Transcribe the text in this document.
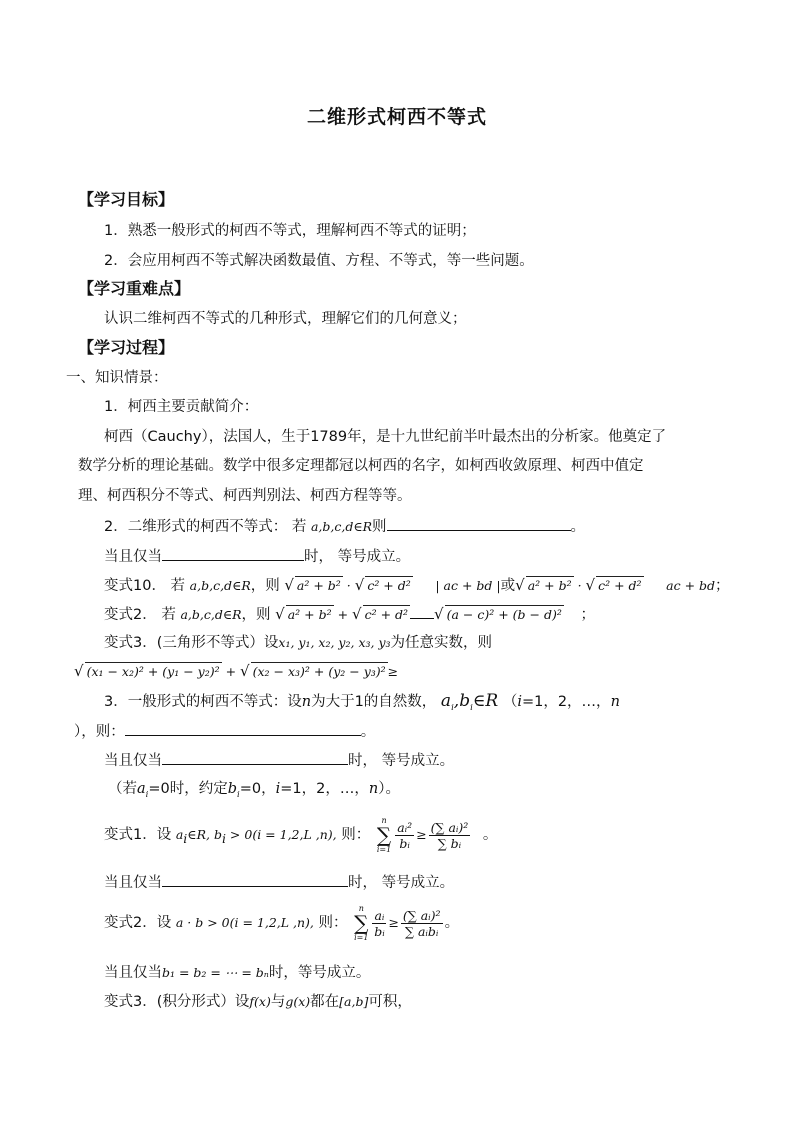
二维形式柯西不等式
【学习目标】
1．熟悉一般形式的柯西不等式，理解柯西不等式的证明；
2．会应用柯西不等式解决函数最值、方程、不等式，等一些问题。
【学习重难点】
认识二维柯西不等式的几种形式，理解它们的几何意义；
【学习过程】
一、知识情景：
1．柯西主要贡献简介：
柯西（Cauchy），法国人，生于1789年，是十九世纪前半叶最杰出的分析家。他奠定了
数学分析的理论基础。数学中很多定理都冠以柯西的名字，如柯西收敛原理、柯西中值定
理、柯西积分不等式、柯西判别法、柯西方程等等。
2．二维形式的柯西不等式： 若 a,b,c,d∈R则	。
当且仅当	时， 等号成立。
变式10． 若 a,b,c,d∈R，则 √ a² + b² · √ c² + d² | ac + bd |或√ a² + b² · √ c² + d² ac + bd；
变式2． 若 a,b,c,d∈R，则 √ a² + b² + √ c² + d² √ (a − c)² + (b − d)² ；
变式3．(三角形不等式）设x₁, y₁, x₂, y₂, x₃, y₃为任意实数，则
√ (x₁ − x₂)² + (y₁ − y₂)² + √ (x₂ − x₃)² + (y₂ − y₃)² ≥
3．一般形式的柯西不等式：设n为大于1的自然数， $a_i,b_i\in R$ （i=1，2，…，n
），则：	。
当且仅当	时， 等号成立。
（若$a_i=0$时，约定$b_i=0$，i=1，2，…，n）。
变式1．设 $a_i\in R$, $b_i > 0(i = 1,2,L$ ,n), 则：
n
∑
$i=1 \frac{\text{aᵢ²}}{\text{bᵢ}} \ge \frac{\text{(∑ aᵢ)²}}{\text{∑ bᵢ}}$ 。
当且仅当	时， 等号成立。
变式2．设 a · b > 0(i = 1,2,L ,n), 则：
n
∑
$i=1 \frac{\text{aᵢ}}{\text{bᵢ}} \ge \frac{\text{(∑ aᵢ)²}}{\text{∑ aᵢbᵢ}}$ 。
当且仅当b₁ = b₂ = ⋯ = bₙ时，等号成立。
变式3．(积分形式）设f(x)与g(x)都在[a,b]可积，
